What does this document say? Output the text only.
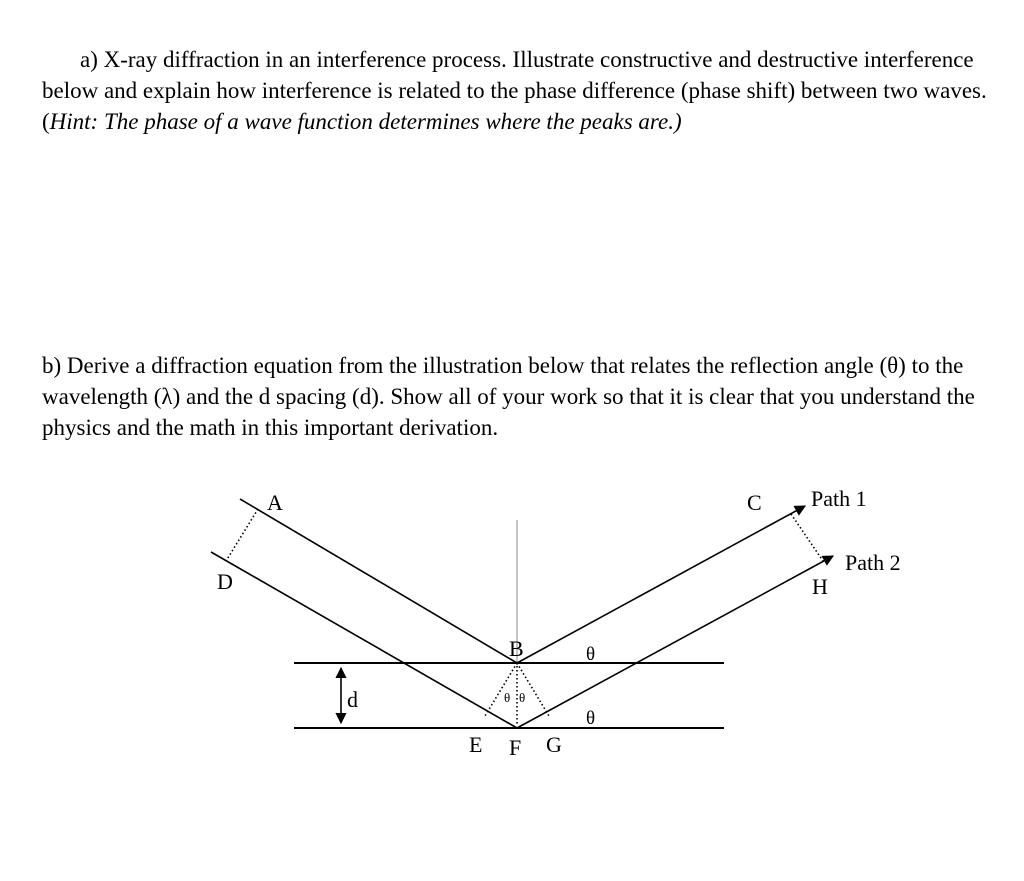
a) X-ray diffraction in an interference process. Illustrate constructive and destructive interference below and explain how interference is related to the phase difference (phase shift) between two waves. (Hint: The phase of a wave function determines where the peaks are.)

b) Derive a diffraction equation from the illustration below that relates the reflection angle (θ) to the wavelength (λ) and the d spacing (d). Show all of your work so that it is clear that you understand the physics and the math in this important derivation.

A	C Path 1
Path 2
D	H
B	θ
θ θ
θ
d
E F G
